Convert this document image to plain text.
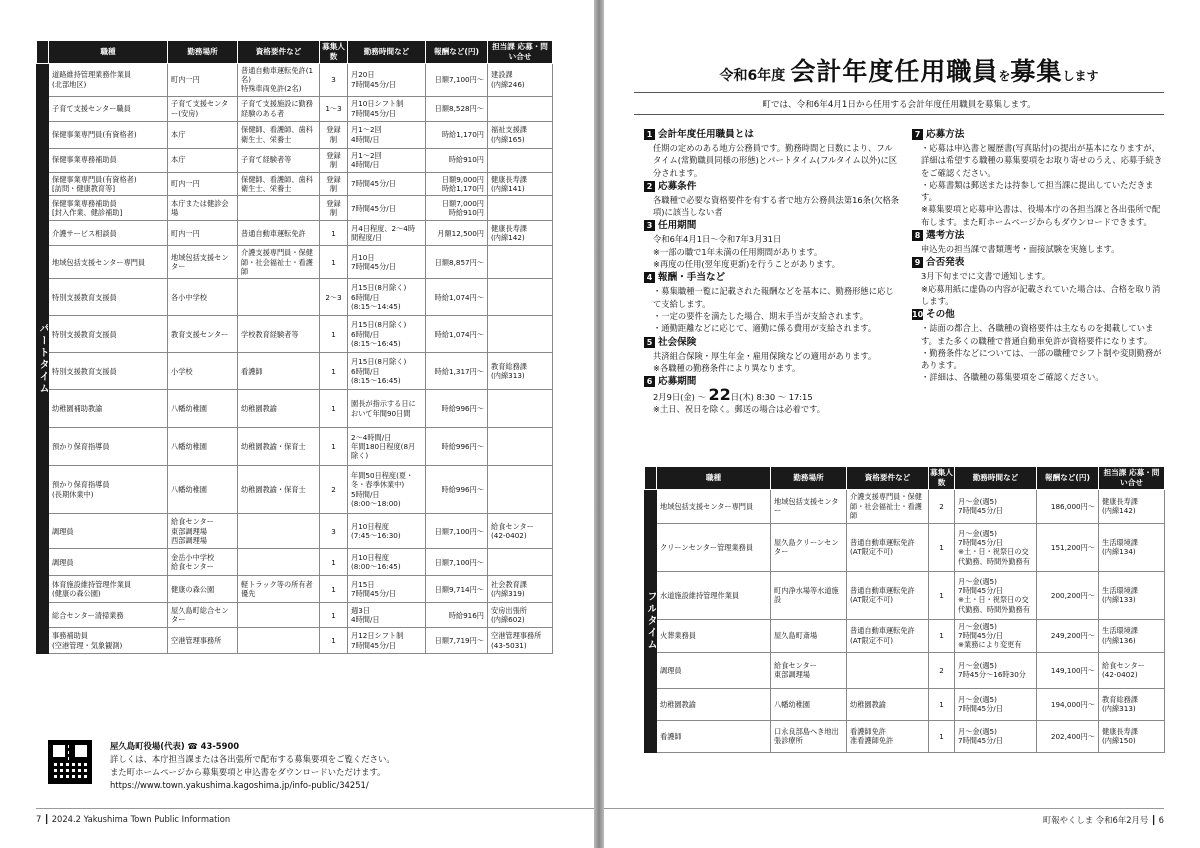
	職種	勤務場所	資格要件など	募集人数	勤務時間など	報酬など(円)	担当課 応募・問い合せ
パートタイム	道路維持管理業務作業員
(北部地区)	町内一円	普通自動車運転免許(1名)
特殊車両免許(2名)	3	月20日
7時間45分/日	日額7,100円〜	建設課
(内線246)
	子育て支援センター職員	子育て支援センター(安房)	子育て支援施設に勤務経験のある者	1〜3	月10日シフト制
7時間45分/日	日額8,528円〜	
	保健事業専門員(有資格者)	本庁	保健師、看護師、歯科衛生士、栄養士	登録制	月1〜2回
4時間/日	時給1,170円	福祉支援課
(内線165)
	保健事業専務補助員	本庁	子育て経験者等	登録制	月1〜2回
4時間/日	時給910円	
	保健事業専門員(有資格者)
[訪問・健康教育等]	町内一円	保健師、看護師、歯科衛生士、栄養士	登録制	7時間45分/日	日額9,000円
時給1,170円	健康長寿課
(内線141)
	保健事業専務補助員
[封入作業、健診補助]	本庁または健診会場		登録制	7時間45分/日	日額7,000円
時給910円	
	介護サービス相談員	町内一円	普通自動車運転免許	1	月4日程度、2〜4時間程度/日	月額12,500円	健康長寿課
(内線142)
	地域包括支援センター専門員	地域包括支援センター	介護支援専門員・保健師・社会福祉士・看護師	1	月10日
7時間45分/日	日額8,857円〜	
	特別支援教育支援員	各小中学校		2〜3	月15日(8月除く)
6時間/日
(8:15〜14:45)	時給1,074円〜	
	特別支援教育支援員	教育支援センター	学校教育経験者等	1	月15日(8月除く)
6時間/日
(8:15〜16:45)	時給1,074円〜	
	特別支援教育支援員	小学校	看護師	1	月15日(8月除く)
6時間/日
(8:15〜16:45)	時給1,317円〜	教育総務課
(内線313)
	幼稚園補助教諭	八幡幼稚園	幼稚園教諭	1	園長が指示する日において年間90日間	時給996円〜	
	預かり保育指導員	八幡幼稚園	幼稚園教諭・保育士	1	2〜4時間/日
年間180日程度(8月除く)	時給996円〜	
	預かり保育指導員
(長期休業中)	八幡幼稚園	幼稚園教諭・保育士	2	年間50日程度(夏・冬・春季休業中)
5時間/日
(8:00〜18:00)	時給996円〜	
	調理員	給食センター
東部調理場
西部調理場		3	月10日程度
(7:45〜16:30)	日額7,100円〜	給食センター
(42-0402)
	調理員	金岳小中学校
給食センター		1	月10日程度
(8:00〜16:45)	日額7,100円〜	
	体育施設維持管理作業員
(健康の森公園)	健康の森公園	軽トラック等の所有者優先	1	月15日
7時間45分/日	日額9,714円〜	社会教育課
(内線319)
	総合センター清掃業務	屋久島町総合センター		1	週3日
4時間/日	時給916円	安房出張所
(内線602)
	事務補助員
(空港管理・気象観測)	空港管理事務所		1	月12日シフト制
7時間45分/日	日額7,719円〜	空港管理事務所
(43-5031)
屋久島町役場(代表) ☎ 43-5900
詳しくは、本庁担当課または各出張所で配布する募集要項をご覧ください。
また町ホームページから募集要項と申込書をダウンロードいただけます。
https://www.town.yakushima.kagoshima.jp/info-public/34251/
7 ┃ 2024.2 Yakushima Town Public Information
令和6年度 会計年度任用職員を募集します
町では、令和6年4月1日から任用する会計年度任用職員を募集します。
1 会計年度任用職員とは

任期の定めのある地方公務員です。勤務時間と日数により、フルタイム(常勤職員同様の形態)とパートタイム(フルタイム以外)に区分されます。

2 応募条件

各職種で必要な資格要件を有する者で地方公務員法第16条(欠格条項)に該当しない者

3 任用期間

令和6年4月1日〜令和7年3月31日

※一部の職で1年未満の任用期間があります。

※再度の任用(翌年度更新)を行うことがあります。

4 報酬・手当など

・募集職種一覧に記載された報酬などを基本に、勤務形態に応じて支給します。

・一定の要件を満たした場合、期末手当が支給されます。

・通勤距離などに応じて、適勤に係る費用が支給されます。

5 社会保険

共済組合保険・厚生年金・雇用保険などの適用があります。

※各職種の勤務条件により異なります。

6 応募期間

2月9日(金) 〜 22日(木) 8:30 〜 17:15

※土日、祝日を除く。郵送の場合は必着です。

7 応募方法

・応募は申込書と履歴書(写真貼付)の提出が基本になりますが、詳細は希望する職種の募集要項をお取り寄せのうえ、応募手続きをご確認ください。

・応募書類は郵送または持参して担当課に提出していただきます。

※募集要項と応募申込書は、役場本庁の各担当課と各出張所で配布します。また町ホームページからもダウンロードできます。

8 選考方法

申込先の担当課で書類選考・面接試験を実施します。

9 合否発表

3月下旬までに文書で通知します。

※応募用紙に虚偽の内容が記載されていた場合は、合格を取り消します。

10 その他

・誌面の都合上、各職種の資格要件は主なものを掲載しています。また多くの職種で普通自動車免許が資格要件になります。

・勤務条件などについては、一部の職種でシフト制や変則勤務があります。

・詳細は、各職種の募集要項をご確認ください。

	職種	勤務場所	資格要件など	募集人数	勤務時間など	報酬など(円)	担当課 応募・問い合せ
フルタイム	地域包括支援センター専門員	地域包括支援センター	介護支援専門員・保健師・社会福祉士・看護師	2	月〜金(週5)
7時間45分/日	186,000円〜	健康長寿課
(内線142)
	クリーンセンター管理業務員	屋久島クリーンセンター	普通自動車運転免許
(AT限定不可)	1	月〜金(週5)
7時間45分/日
※土・日・祝祭日の交代勤務、時間外勤務有	151,200円〜	生活環境課
(内線134)
	水道施設維持管理作業員	町内浄水場等水道施設	普通自動車運転免許
(AT限定不可)	1	月〜金(週5)
7時間45分/日
※土・日・祝祭日の交代勤務、時間外勤務有	200,200円〜	生活環境課
(内線133)
	火葬業務員	屋久島町斎場	普通自動車運転免許
(AT限定不可)	1	月〜金(週5)
7時間45分/日
※業務により変更有	249,200円〜	生活環境課
(内線136)
	調理員	給食センター
東部調理場		2	月〜金(週5)
7時45分〜16時30分	149,100円〜	給食センター
(42-0402)
	幼稚園教諭	八幡幼稚園	幼稚園教諭	1	月〜金(週5)
7時間45分/日	194,000円〜	教育総務課
(内線313)
	看護師	口永良部島へき地出張診療所	看護師免許
准看護師免許	1	月〜金(週5)
7時間45分/日	202,400円〜	健康長寿課
(内線150)
町報やくしま 令和6年2月号 ┃ 6
